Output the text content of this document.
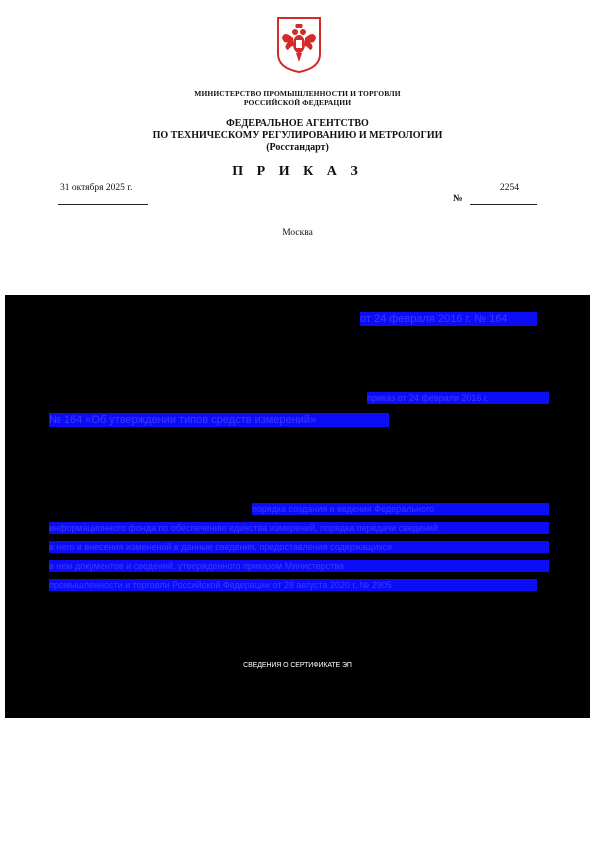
МИНИСТЕРСТВО ПРОМЫШЛЕННОСТИ И ТОРГОВЛИ
РОССИЙСКОЙ ФЕДЕРАЦИИ
ФЕДЕРАЛЬНОЕ АГЕНТСТВО
ПО ТЕХНИЧЕСКОМУ РЕГУЛИРОВАНИЮ И МЕТРОЛОГИИ
(Росстандарт)
П Р И К А З
31 октября 2025 г.
№
2254
Москва
от 24 февраля 2016 г. № 164
приказ от 24 февраля 2016 г.
№ 164 «Об утверждении типов средств измерений»
порядка создания и ведения Федерального
информационного фонда по обеспечению единства измерений, порядка передачи сведений
в него и внесения изменений в данные сведения, предоставления содержащихся
в нем документов и сведений, утвержденного приказом Министерства
промышленности и торговли Российской Федерации от 28 августа 2020 г. № 2905
СВЕДЕНИЯ О СЕРТИФИКАТЕ ЭП
